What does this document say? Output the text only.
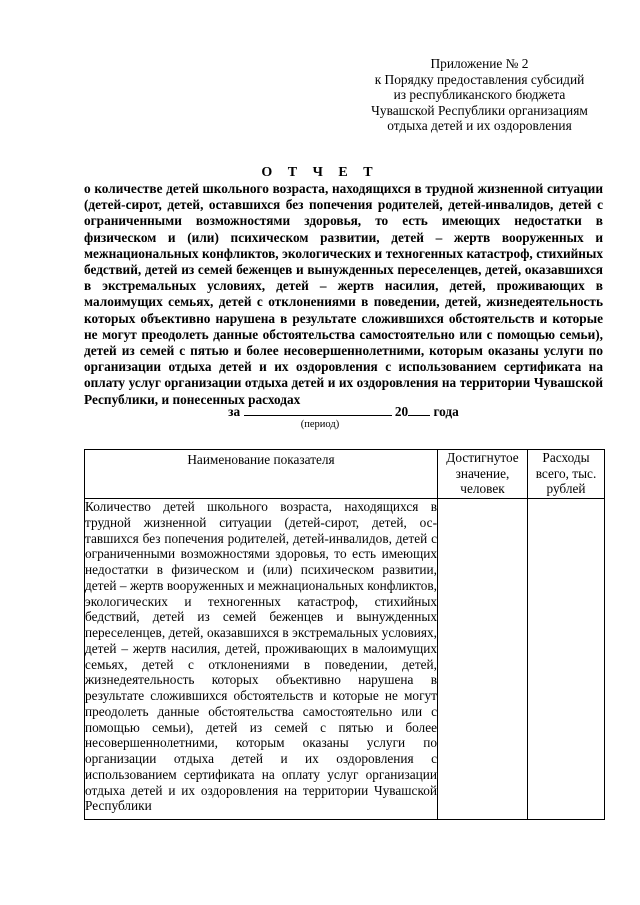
Приложение № 2
к Порядку предоставления субсидий
из республиканского бюджета
Чувашской Республики организациям
отдыха детей и их оздоровления
О Т Ч Е Т
о количестве детей школьного возраста, находящихся в трудной жизненной ситуации (детей-сирот, детей, оставшихся без попечения родителей, детей-инвалидов, детей с ограниченными возможностями здоровья, то есть имеющих недостатки в физическом и (или) психическом развитии, детей – жертв вооруженных и межнациональных конфликтов, экологических и техногенных катастроф, стихийных бедствий, детей из семей беженцев и вынужденных переселенцев, детей, оказавшихся в экстремальных условиях, детей – жертв насилия, детей, проживающих в малоимущих семьях, детей с отклонениями в поведении, детей, жизнедеятельность которых объективно нарушена в результате сложившихся обстоятельств и которые не могут преодолеть данные обстоятельства самостоятельно или с помощью семьи), детей из семей с пятью и более несовершеннолетними, которым оказаны услуги по организации отдыха детей и их оздоровления с использованием сертификата на оплату услуг организации отдыха детей и их оздоровления на территории Чувашской Республики, и понесенных расходах
за	20 года
(период)
Наименование показателя	Достигнутое значение, человек	Расходы всего, тыс. рублей
Количество детей школьного возраста, находящихся в трудной жизненной ситуации (детей-сирот, детей, оставшихся без попечения родителей, детей-инвалидов, детей с ограниченными возможностями здоровья, то есть имеющих недостатки в физическом и (или) психическом развитии, детей – жертв вооруженных и межнациональных конфликтов, экологических и техногенных катастроф, стихийных бедствий, детей из семей беженцев и вынужденных переселенцев, детей, оказавшихся в экстремальных условиях, детей – жертв насилия, детей, проживающих в малоимущих семьях, детей с отклонениями в поведении, детей, жизнедеятельность которых объективно нарушена в результате сложившихся обстоятельств и которые не могут преодолеть данные обстоятельства самостоятельно или с помощью семьи), детей из семей с пятью и более несовершеннолетними, которым оказаны услуги по организации отдыха детей и их оздоровления с использованием сертификата на оплату услуг организации отдыха детей и их оздоровления на территории Чувашской Республики		
